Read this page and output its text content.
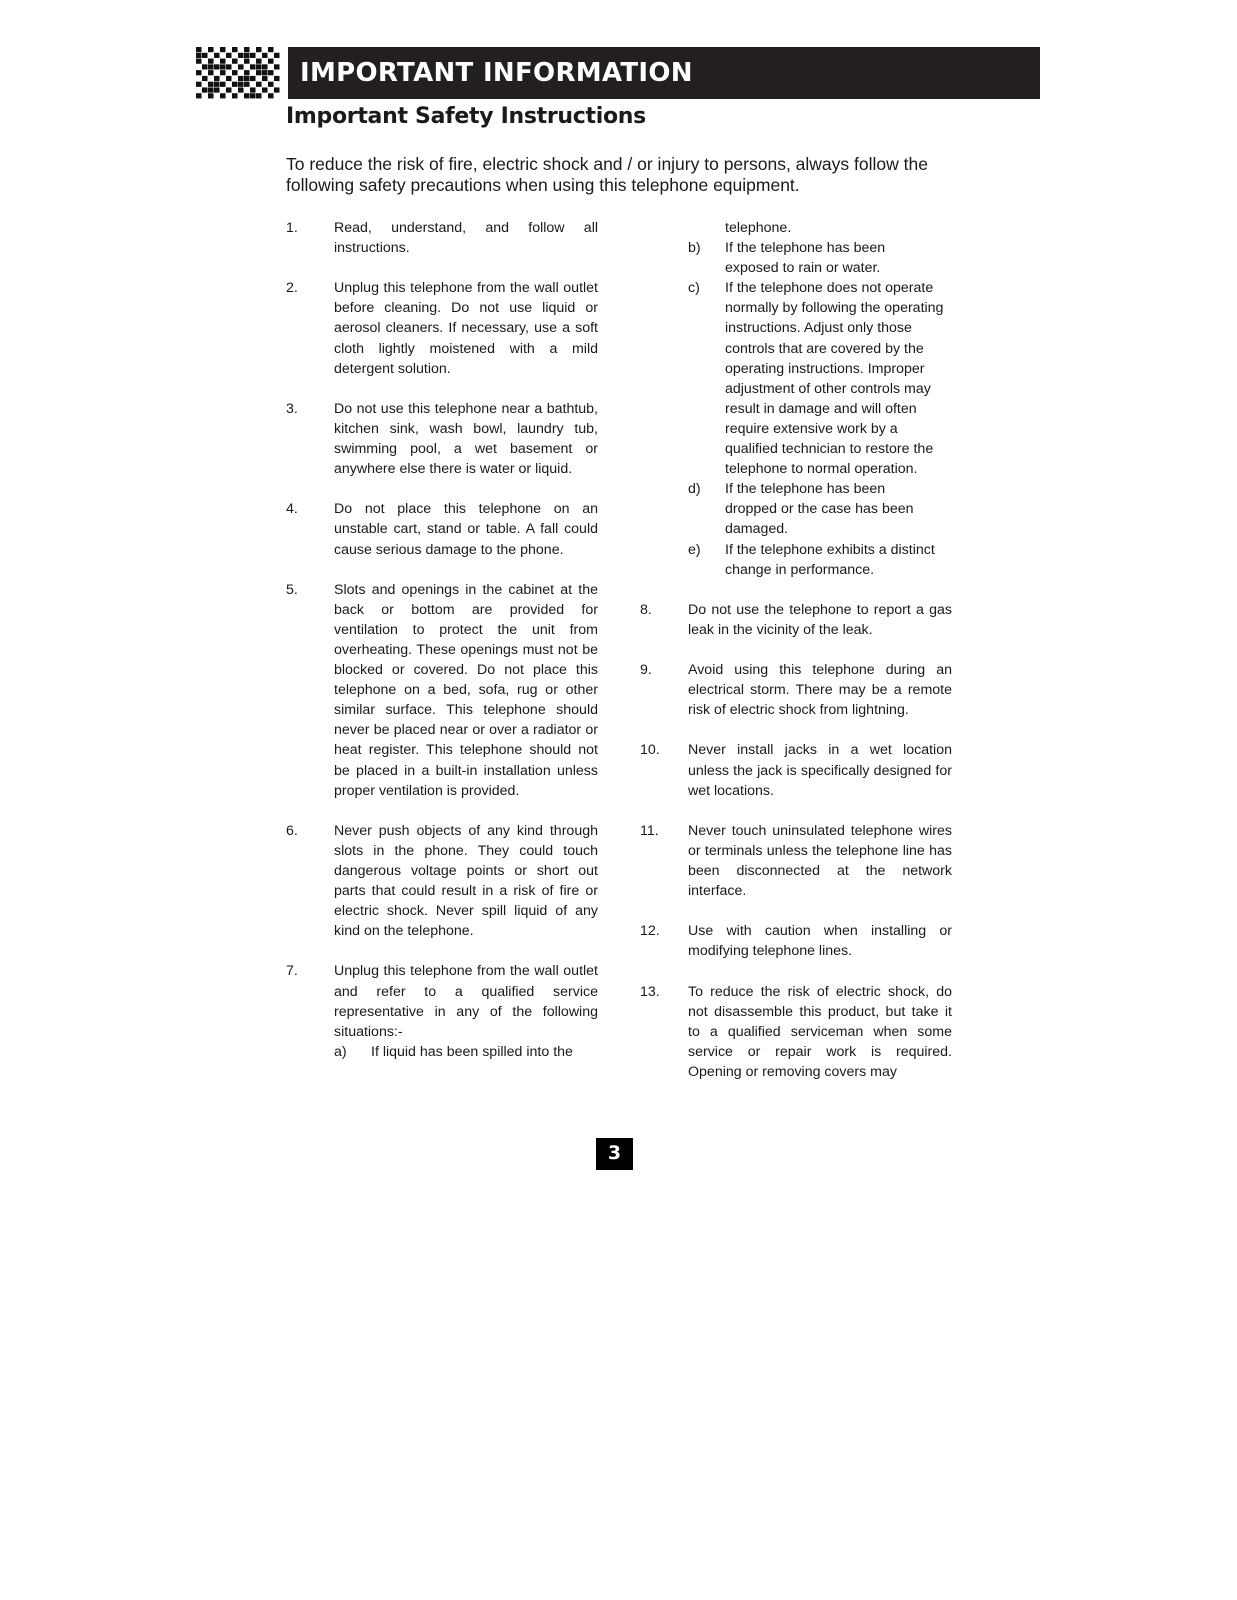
IMPORTANT INFORMATION
Important Safety Instructions
To reduce the risk of fire, electric shock and / or injury to persons, always follow the following safety precautions when using this telephone equipment.
1.	Read, understand, and follow all instructions.
2.	Unplug this telephone from the wall outlet before cleaning. Do not use liquid or aerosol cleaners. If necessary, use a soft cloth lightly moistened with a mild detergent solution.
3.	Do not use this telephone near a bathtub, kitchen sink, wash bowl, laundry tub, swimming pool, a wet basement or anywhere else there is water or liquid.
4.	Do not place this telephone on an unstable cart, stand or table. A fall could cause serious damage to the phone.
5.	Slots and openings in the cabinet at the back or bottom are provided for ventilation to protect the unit from overheating. These openings must not be blocked or covered. Do not place this telephone on a bed, sofa, rug or other similar surface. This telephone should never be placed near or over a radiator or heat register. This telephone should not be placed in a built-in installation unless proper ventilation is provided.
6.	Never push objects of any kind through slots in the phone. They could touch dangerous voltage points or short out parts that could result in a risk of fire or electric shock. Never spill liquid of any kind on the telephone.
7.	Unplug this telephone from the wall outlet and refer to a qualified service representative in any of the following situations:-
a) If liquid has been spilled into the
telephone.
b) If the telephone has been exposed to rain or water.
c) If the telephone does not operate normally by following the operating instructions. Adjust only those controls that are covered by the operating instructions. Improper adjustment of other controls may result in damage and will often require extensive work by a qualified technician to restore the telephone to normal operation.
d) If the telephone has been dropped or the case has been damaged.
e) If the telephone exhibits a distinct change in performance.
8.	Do not use the telephone to report a gas leak in the vicinity of the leak.
9.	Avoid using this telephone during an electrical storm. There may be a remote risk of electric shock from lightning.
10. Never install jacks in a wet location unless the jack is specifically designed for wet locations.
11. Never touch uninsulated telephone wires or terminals unless the telephone line has been disconnected at the network interface.
12. Use with caution when installing or modifying telephone lines.
13. To reduce the risk of electric shock, do not disassemble this product, but take it to a qualified serviceman when some service or repair work is required. Opening or removing covers may
3
